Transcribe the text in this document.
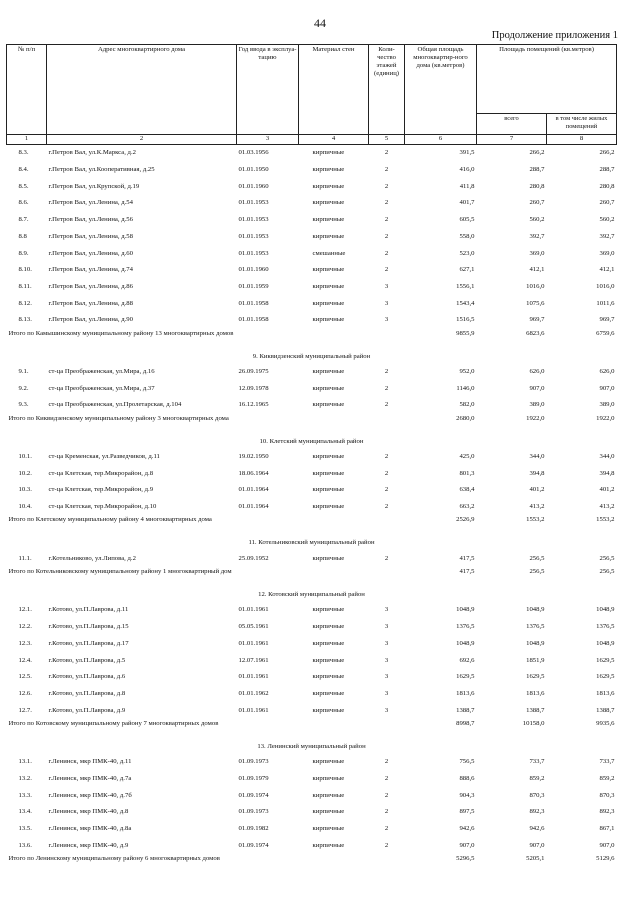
44
Продолжение приложения 1
№ п/п	Адрес многоквартирного дома	Год ввода в эксплуа-тацию	Материал стен	Коли-чество этажей (единиц)	Общая площадь многоквартир-ного дома (кв.метров)	Площадь помещений (кв.метров)	
						всего	в том числе жилых помещений
1	2	3	4	5	6	7	8
8.3.	г.Петров Вал, ул.К.Маркса, д.2	01.03.1956	кирпичные	2	391,5	266,2	266,2
8.4.	г.Петров Вал, ул.Кооперативная, д.25	01.01.1950	кирпичные	2	416,0	288,7	288,7
8.5.	г.Петров Вал, ул.Крупской, д.19	01.01.1960	кирпичные	2	411,8	280,8	280,8
8.6.	г.Петров Вал, ул.Ленина, д.54	01.01.1953	кирпичные	2	401,7	260,7	260,7
8.7.	г.Петров Вал, ул.Ленина, д.56	01.01.1953	кирпичные	2	605,5	560,2	560,2
8.8	г.Петров Вал, ул.Ленина, д.58	01.01.1953	кирпичные	2	558,0	392,7	392,7
8.9.	г.Петров Вал, ул.Ленина, д.60	01.01.1953	смешанные	2	523,0	369,0	369,0
8.10.	г.Петров Вал, ул.Ленина, д.74	01.01.1960	кирпичные	2	627,1	412,1	412,1
8.11.	г.Петров Вал, ул.Ленина, д.86	01.01.1959	кирпичные	3	1556,1	1016,0	1016,0
8.12.	г.Петров Вал, ул.Ленина, д.88	01.01.1958	кирпичные	3	1543,4	1075,6	1011,6
8.13.	г.Петров Вал, ул.Ленина, д.90	01.01.1958	кирпичные	3	1516,5	969,7	969,7
Итого по Камышинскому муниципальному району 13 многоквартирных домов					9855,9	6823,6	6759,6
9. Киквидзенский муниципальный район							
9.1.	ст-ца Преображенская, ул.Мира, д.16	26.09.1975	кирпичные	2	952,0	626,0	626,0
9.2.	ст-ца Преображенская, ул.Мира, д.37	12.09.1978	кирпичные	2	1146,0	907,0	907,0
9.3.	ст-ца Преображенская, ул.Пролетарская, д.104	16.12.1965	кирпичные	2	582,0	389,0	389,0
Итого по Киквидзенскому муниципальному району 3 многоквартирных дома					2680,0	1922,0	1922,0
10. Клетский муниципальный район							
10.1.	ст-ца Кременская, ул.Разведчиков, д.11	19.02.1950	кирпичные	2	425,0	344,0	344,0
10.2.	ст-ца Клетская, тер.Микрорайон, д.8	18.06.1964	кирпичные	2	801,3	394,8	394,8
10.3.	ст-ца Клетская, тер.Микрорайон, д.9	01.01.1964	кирпичные	2	638,4	401,2	401,2
10.4.	ст-ца Клетская, тер.Микрорайон, д.10	01.01.1964	кирпичные	2	663,2	413,2	413,2
Итого по Клетскому муниципальному району 4 многоквартирных дома					2526,9	1553,2	1553,2
11. Котельниковский муниципальный район							
11.1.	г.Котельниково, ул.Липова, д.2	25.09.1952	кирпичные	2	417,5	256,5	256,5
Итого по Котельниковскому муниципальному району 1 многоквартирный дом					417,5	256,5	256,5
12. Котовский муниципальный район							
12.1.	г.Котово, ул.П.Лаврова, д.11	01.01.1961	кирпичные	3	1048,9	1048,9	1048,9
12.2.	г.Котово, ул.П.Лаврова, д.15	05.05.1961	кирпичные	3	1376,5	1376,5	1376,5
12.3.	г.Котово, ул.П.Лаврова, д.17	01.01.1961	кирпичные	3	1048,9	1048,9	1048,9
12.4.	г.Котово, ул.П.Лаврова, д.5	12.07.1961	кирпичные	3	692,6	1851,9	1629,5
12.5.	г.Котово, ул.П.Лаврова, д.6	01.01.1961	кирпичные	3	1629,5	1629,5	1629,5
12.6.	г.Котово, ул.П.Лаврова, д.8	01.01.1962	кирпичные	3	1813,6	1813,6	1813,6
12.7.	г.Котово, ул.П.Лаврова, д.9	01.01.1961	кирпичные	3	1388,7	1388,7	1388,7
Итого по Котовскому муниципальному району 7 многоквартирных домов					8998,7	10158,0	9935,6
13. Ленинский муниципальный район							
13.1.	г.Ленинск, мкр ПМК-40, д.11	01.09.1973	кирпичные	2	756,5	733,7	733,7
13.2.	г.Ленинск, мкр ПМК-40, д.7а	01.09.1979	кирпичные	2	888,6	859,2	859,2
13.3.	г.Ленинск, мкр ПМК-40, д.7б	01.09.1974	кирпичные	2	904,3	870,3	870,3
13.4.	г.Ленинск, мкр ПМК-40, д.8	01.09.1973	кирпичные	2	897,5	892,3	892,3
13.5.	г.Ленинск, мкр ПМК-40, д.8а	01.09.1982	кирпичные	2	942,6	942,6	867,1
13.6.	г.Ленинск, мкр ПМК-40, д.9	01.09.1974	кирпичные	2	907,0	907,0	907,0
Итого по Ленинскому муниципальному району 6 многоквартирных домов					5296,5	5205,1	5129,6
